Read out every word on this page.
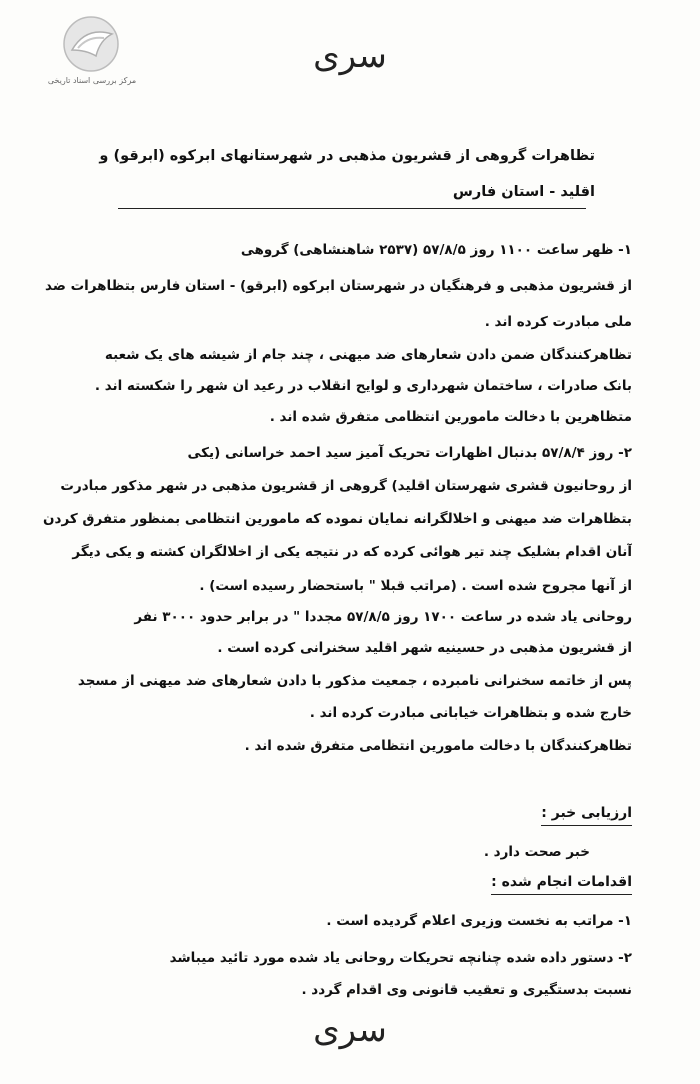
مرکز بررسی اسناد تاریخی
سری
تظاهرات گروهی از قشریون مذهبی در شهرستانهای ابرکوه (ابرقو) و
اقلید - استان فارس
۱- ظهر ساعت ۱۱۰۰ روز ۵۷/۸/۵ (۲۵۳۷ شاهنشاهی) گروهی
از قشریون مذهبی و فرهنگیان در شهرستان ابرکوه (ابرقو) - استان فارس بتظاهرات ضد
ملی مبادرت کرده اند .
تظاهرکنندگان ضمن دادن شعارهای ضد میهنی ، چند جام از شیشه های یک شعبه
بانک صادرات ، ساختمان شهرداری و لوایح انقلاب در رعید ان شهر را شکسته اند .
متظاهرین با دخالت مامورین انتظامی متفرق شده اند .
۲- روز ۵۷/۸/۴ بدنبال اظهارات تحریک آمیز سید احمد خراسانی (یکی
از روحانیون قشری شهرستان اقلید) گروهی از قشریون مذهبی در شهر مذکور مبادرت
بتظاهرات ضد میهنی و اخلالگرانه نمایان نموده که مامورین انتظامی بمنظور متفرق کردن
آنان اقدام بشلیک چند تیر هوائی کرده که در نتیجه یکی از اخلالگران کشته و یکی دیگر
از آنها مجروح شده است . (مراتب قبلا " باستحضار رسیده است) .
روحانی یاد شده در ساعت ۱۷۰۰ روز ۵۷/۸/۵ مجددا " در برابر حدود ۳۰۰۰ نفر
از قشریون مذهبی در حسینیه شهر اقلید سخنرانی کرده است .
پس از خاتمه سخنرانی نامبرده ، جمعیت مذکور با دادن شعارهای ضد میهنی از مسجد
خارج شده و بتظاهرات خیابانی مبادرت کرده اند .
تظاهرکنندگان با دخالت مامورین انتظامی متفرق شده اند .
ارزیابی خبر :
خبر صحت دارد .
اقدامات انجام شده :
۱- مراتب به نخست وزیری اعلام گردیده است .
۲- دستور داده شده چنانچه تحریکات روحانی یاد شده مورد تائید میباشد
نسبت بدستگیری و تعقیب قانونی وی اقدام گردد .
سری
